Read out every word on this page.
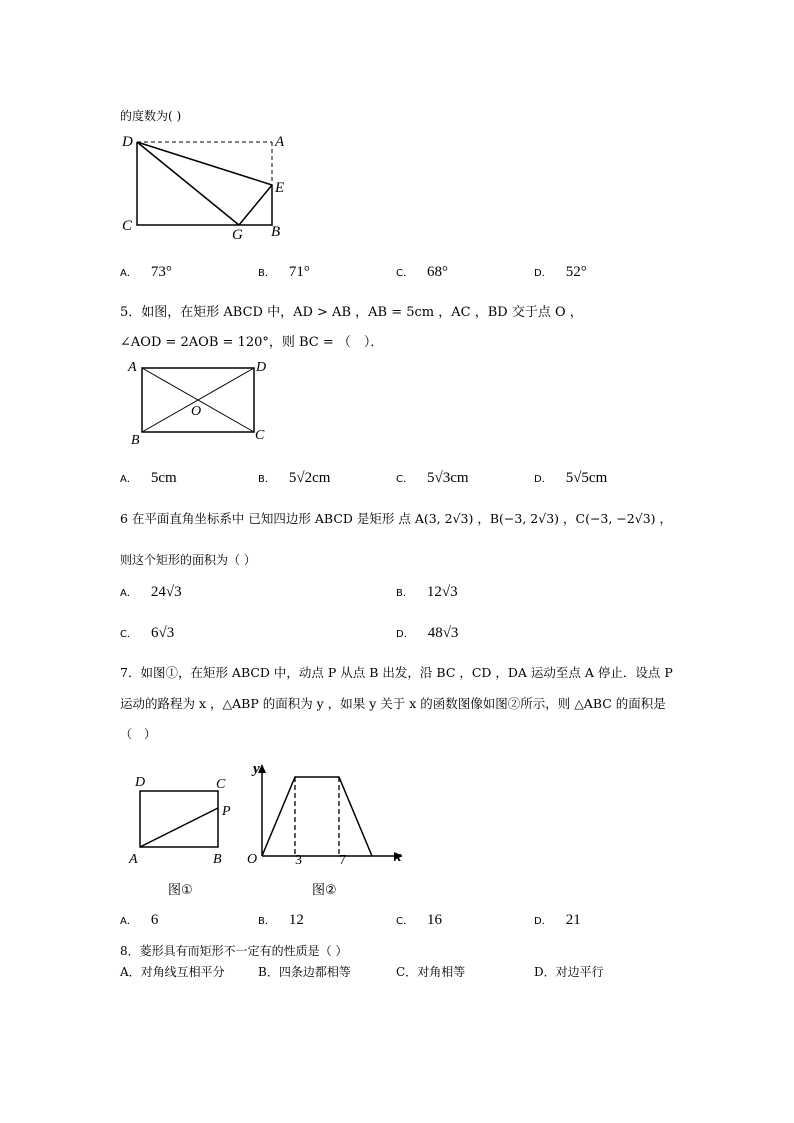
的度数为( )
D	A
E
C
G B
A． 73°	B． 71°	C． 68°	D． 52°
5．如图，在矩形 ABCD 中，AD > AB ，AB = 5cm ，AC ，BD 交于点 O ，
∠AOD = 2AOB = 120°，则 BC = （　）．
A	D
O
B	C
A． 5cm	B． 5√2cm	C． 5√3cm	D． 5√5cm
6 在平面直角坐标系中 已知四边形 ABCD 是矩形 点 A(3, 2√3) ，B(−3, 2√3) ，C(−3, −2√3) ，
则这个矩形的面积为（ ）
A． 24√3	B． 12√3
C． 6√3	D． 48√3
7．如图①，在矩形 ABCD 中，动点 P 从点 B 出发，沿 BC ，CD ，DA 运动至点 A 停止．设点 P
运动的路程为 x ，△ABP 的面积为 y ，如果 y 关于 x 的函数图像如图②所示，则 △ABC 的面积是
（　）
D	C
P
A	B
图①
y
x
O	3	7
图②
A． 6	B． 12	C． 16	D． 21
8．菱形具有而矩形不一定有的性质是（ ）
A．对角线互相平分	B．四条边都相等	C．对角相等	D．对边平行
